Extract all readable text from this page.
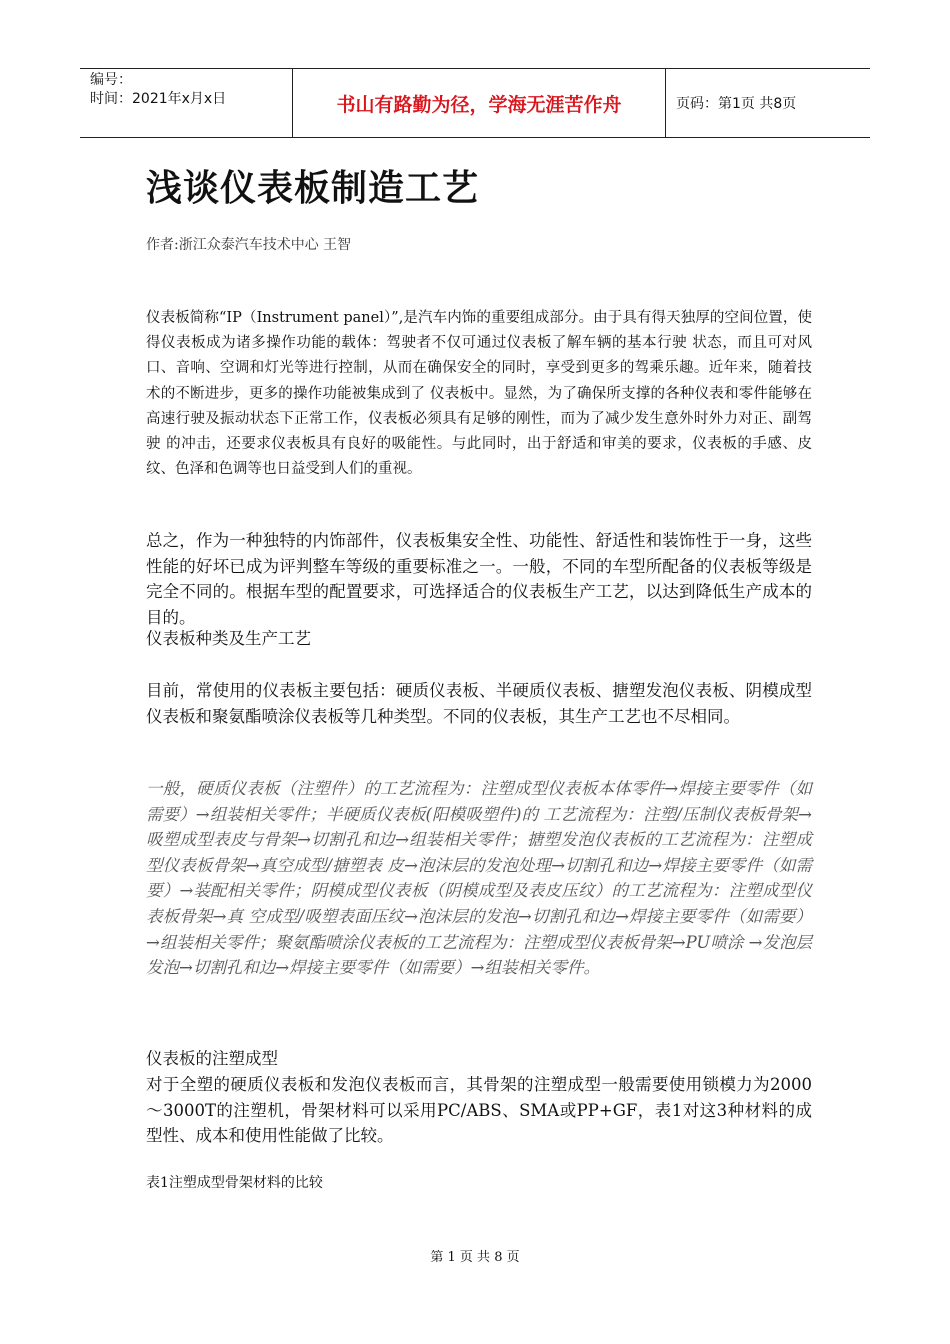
编号：
时间：2021年x月x日	书山有路勤为径，学海无涯苦作舟	页码：第1页 共8页
浅谈仪表板制造工艺
作者:浙江众泰汽车技术中心 王智
仪表板简称“IP（Instrument panel）”,是汽车内饰的重要组成部分。由于具有得天独厚的空间位置，使得仪表板成为诸多操作功能的载体：驾驶者不仅可通过仪表板了解车辆的基本行驶 状态，而且可对风口、音响、空调和灯光等进行控制，从而在确保安全的同时，享受到更多的驾乘乐趣。近年来，随着技术的不断进步，更多的操作功能被集成到了 仪表板中。显然，为了确保所支撑的各种仪表和零件能够在高速行驶及振动状态下正常工作，仪表板必须具有足够的刚性，而为了减少发生意外时外力对正、副驾驶 的冲击，还要求仪表板具有良好的吸能性。与此同时，出于舒适和审美的要求，仪表板的手感、皮纹、色泽和色调等也日益受到人们的重视。
总之，作为一种独特的内饰部件，仪表板集安全性、功能性、舒适性和装饰性于一身，这些性能的好坏已成为评判整车等级的重要标准之一。一般，不同的车型所配备的仪表板等级是完全不同的。根据车型的配置要求，可选择适合的仪表板生产工艺，以达到降低生产成本的目的。
仪表板种类及生产工艺
目前，常使用的仪表板主要包括：硬质仪表板、半硬质仪表板、搪塑发泡仪表板、阴模成型仪表板和聚氨酯喷涂仪表板等几种类型。不同的仪表板，其生产工艺也不尽相同。
一般，硬质仪表板（注塑件）的工艺流程为：注塑成型仪表板本体零件→焊接主要零件（如需要）→组装相关零件；半硬质仪表板(阳模吸塑件)的 工艺流程为：注塑/压制仪表板骨架→吸塑成型表皮与骨架→切割孔和边→组装相关零件；搪塑发泡仪表板的工艺流程为：注塑成型仪表板骨架→真空成型/搪塑表 皮→泡沫层的发泡处理→切割孔和边→焊接主要零件（如需要）→装配相关零件；阴模成型仪表板（阴模成型及表皮压纹）的工艺流程为：注塑成型仪表板骨架→真 空成型/吸塑表面压纹→泡沫层的发泡→切割孔和边→焊接主要零件（如需要）→组装相关零件；聚氨酯喷涂仪表板的工艺流程为：注塑成型仪表板骨架→PU喷涂 →发泡层发泡→切割孔和边→焊接主要零件（如需要）→组装相关零件。
仪表板的注塑成型
对于全塑的硬质仪表板和发泡仪表板而言，其骨架的注塑成型一般需要使用锁模力为2000～3000T的注塑机，骨架材料可以采用PC/ABS、SMA或PP+GF，表1对这3种材料的成型性、成本和使用性能做了比较。
表1注塑成型骨架材料的比较
第 1 页 共 8 页
